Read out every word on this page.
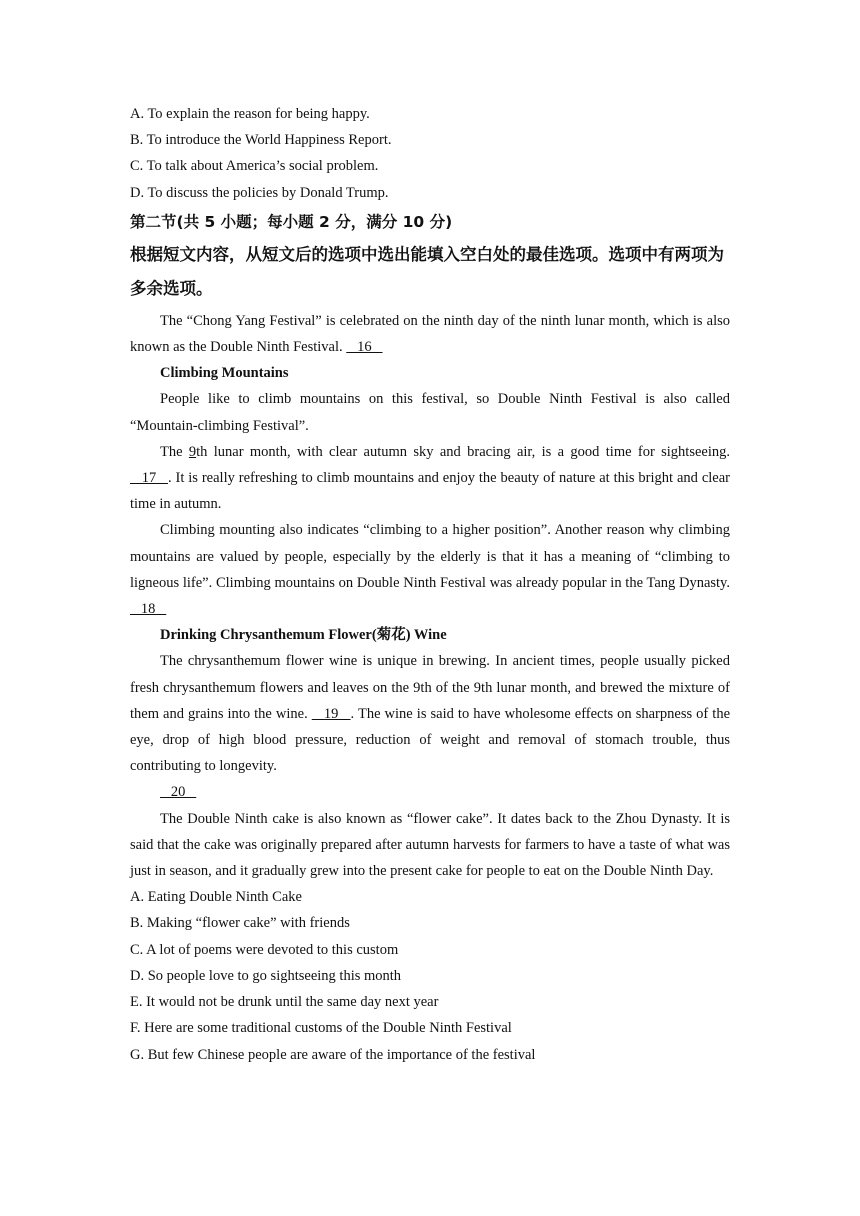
A. To explain the reason for being happy.

B. To introduce the World Happiness Report.

C. To talk about America’s social problem.

D. To discuss the policies by Donald Trump.

第二节(共 5 小题；每小题 2 分，满分 10 分)

根据短文内容，从短文后的选项中选出能填入空白处的最佳选项。选项中有两项为多余选项。

The “Chong Yang Festival” is celebrated on the ninth day of the ninth lunar month, which is also known as the Double Ninth Festival.    16

Climbing Mountains

People like to climb mountains on this festival, so Double Ninth Festival is also called “Mountain-climbing Festival”.

The 9th lunar month, with clear autumn sky and bracing air, is a good time for sightseeing.    17   . It is really refreshing to climb mountains and enjoy the beauty of nature at this bright and clear time in autumn.

Climbing mounting also indicates “climbing to a higher position”. Another reason why climbing mountains are valued by people, especially by the elderly is that it has a meaning of “climbing to ligneous life”. Climbing mountains on Double Ninth Festival was already popular in the Tang Dynasty.   18

Drinking Chrysanthemum Flower(菊花) Wine

The chrysanthemum flower wine is unique in brewing. In ancient times, people usually picked fresh chrysanthemum flowers and leaves on the 9th of the 9th lunar month, and brewed the mixture of them and grains into the wine.    19   . The wine is said to have wholesome effects on sharpness of the eye, drop of high blood pressure, reduction of weight and removal of stomach trouble, thus contributing to longevity.

20

The Double Ninth cake is also known as “flower cake”. It dates back to the Zhou Dynasty. It is said that the cake was originally prepared after autumn harvests for farmers to have a taste of what was just in season, and it gradually grew into the present cake for people to eat on the Double Ninth Day.

A. Eating Double Ninth Cake

B. Making “flower cake” with friends

C. A lot of poems were devoted to this custom

D. So people love to go sightseeing this month

E. It would not be drunk until the same day next year

F. Here are some traditional customs of the Double Ninth Festival

G. But few Chinese people are aware of the importance of the festival
